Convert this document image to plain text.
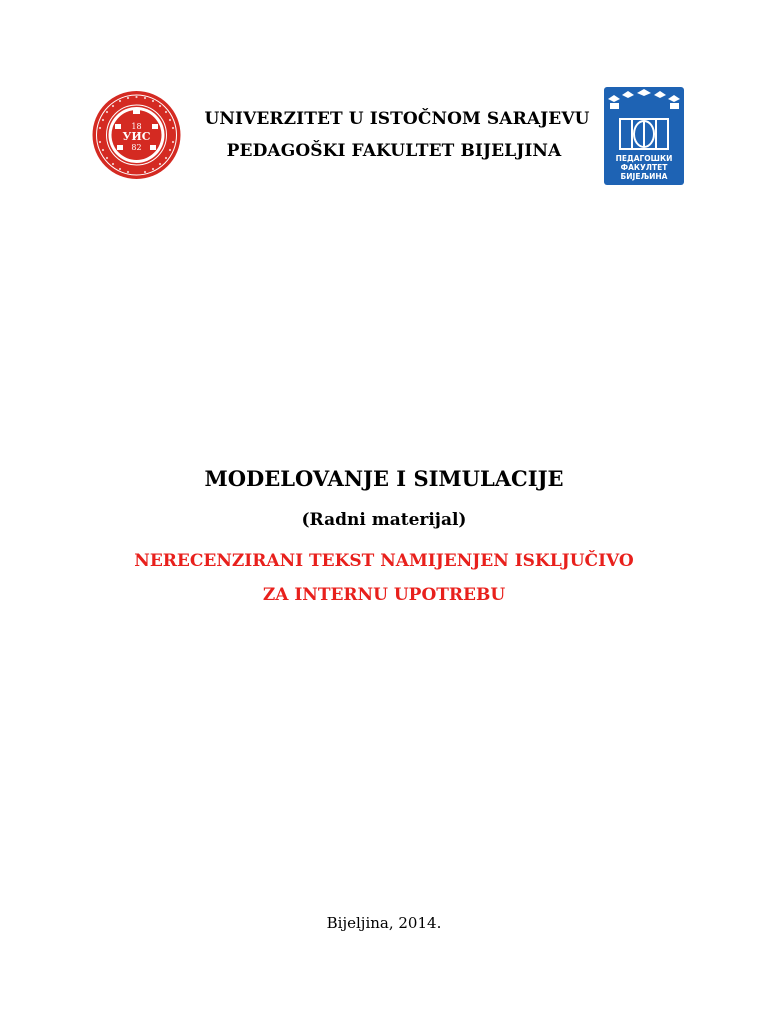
18
УИС
82
UNIVERZITET U ISTOČNOM SARAJEVU
PEDAGOŠKI FAKULTET BIJELJINA	ПЕДАГОШКИ
ФАКУЛТЕТ
БИЈЕЉИНА
MODELOVANJE I SIMULACIJE
(Radni materijal)
NERECENZIRANI TEKST NAMIJENJEN ISKLJUČIVO
ZA INTERNU UPOTREBU
Bijeljina, 2014.
